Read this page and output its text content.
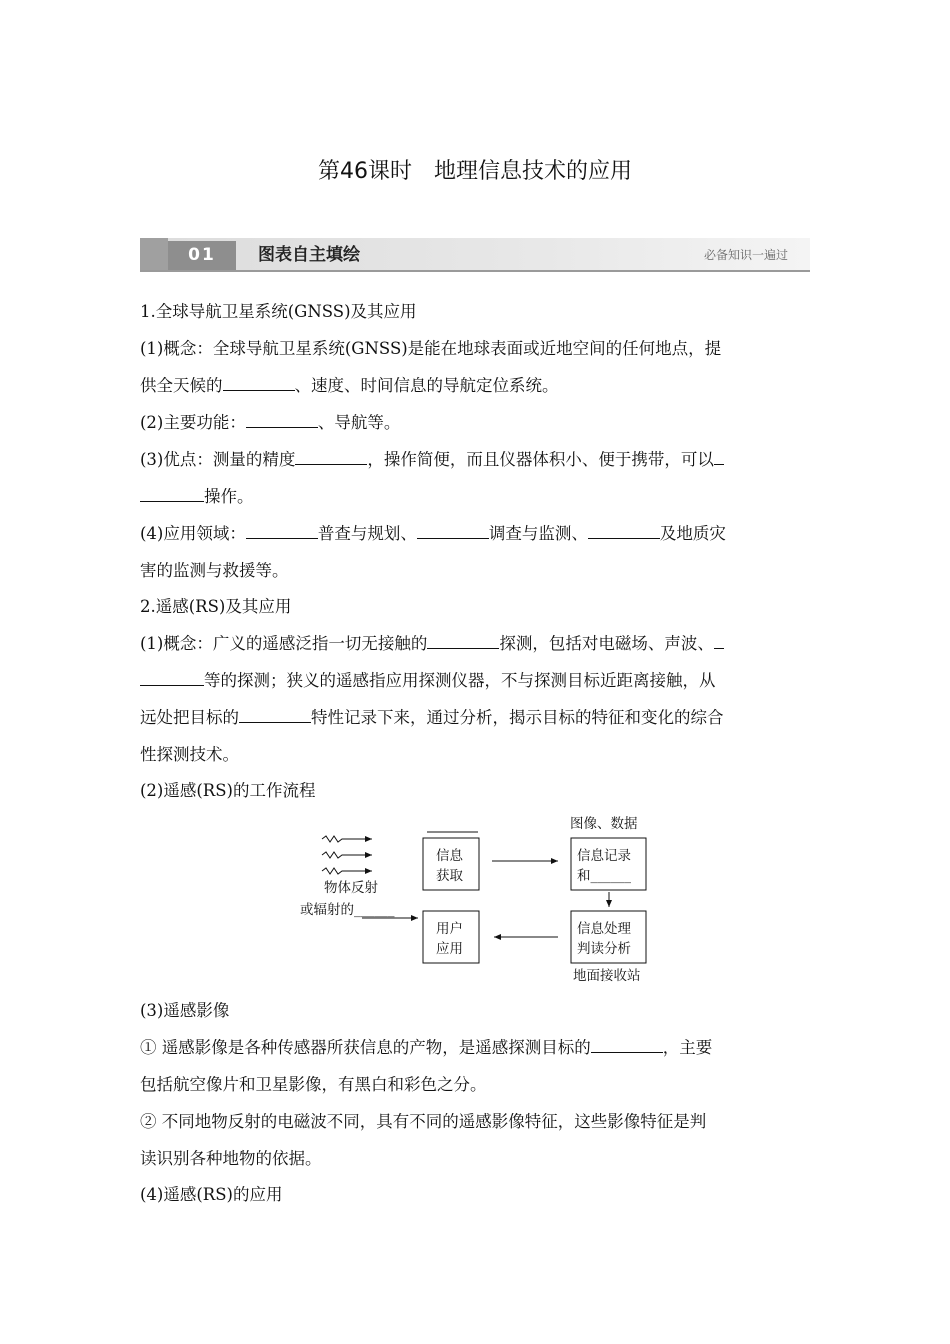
第46课时　地理信息技术的应用
01	图表自主填绘	必备知识一遍过
1.全球导航卫星系统(GNSS)及其应用
(1)概念：全球导航卫星系统(GNSS)是能在地球表面或近地空间的任何地点，提
供全天候的	、速度、时间信息的导航定位系统。
(2)主要功能：	、导航等。
(3)优点：测量的精度	，操作简便，而且仪器体积小、便于携带，可以
操作。
(4)应用领域：	普查与规划、	调查与监测、	及地质灾
害的监测与救援等。
2.遥感(RS)及其应用
(1)概念：广义的遥感泛指一切无接触的	探测，包括对电磁场、声波、
等的探测；狭义的遥感指应用探测仪器，不与探测目标近距离接触，从
远处把目标的	特性记录下来，通过分析，揭示目标的特征和变化的综合
性探测技术。
(2)遥感(RS)的工作流程
物体反射
或辐射的______
信息
获取
图像、数据
信息记录
和______
用户
应用
信息处理
判读分析
地面接收站
(3)遥感影像
① 遥感影像是各种传感器所获信息的产物，是遥感探测目标的	，主要
包括航空像片和卫星影像，有黑白和彩色之分。
② 不同地物反射的电磁波不同，具有不同的遥感影像特征，这些影像特征是判
读识别各种地物的依据。
(4)遥感(RS)的应用
